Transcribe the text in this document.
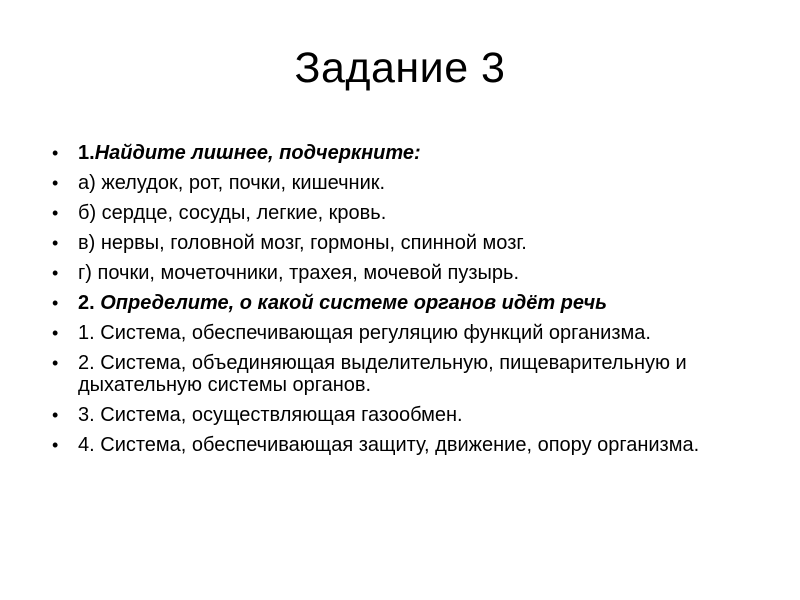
Задание 3
• 1.Найдите лишнее, подчеркните:
• а) желудок, рот, почки, кишечник.
• б) сердце, сосуды, легкие, кровь.
• в) нервы, головной мозг, гормоны, спинной мозг.
• г) почки, мочеточники, трахея, мочевой пузырь.
• 2. Определите, о какой системе органов идёт речь
• 1. Система, обеспечивающая регуляцию функций организма.
• 2. Система, объединяющая выделительную, пищеварительную и дыхательную системы органов.
• 3. Система, осуществляющая газообмен.
• 4. Система, обеспечивающая защиту, движение, опору организма.
